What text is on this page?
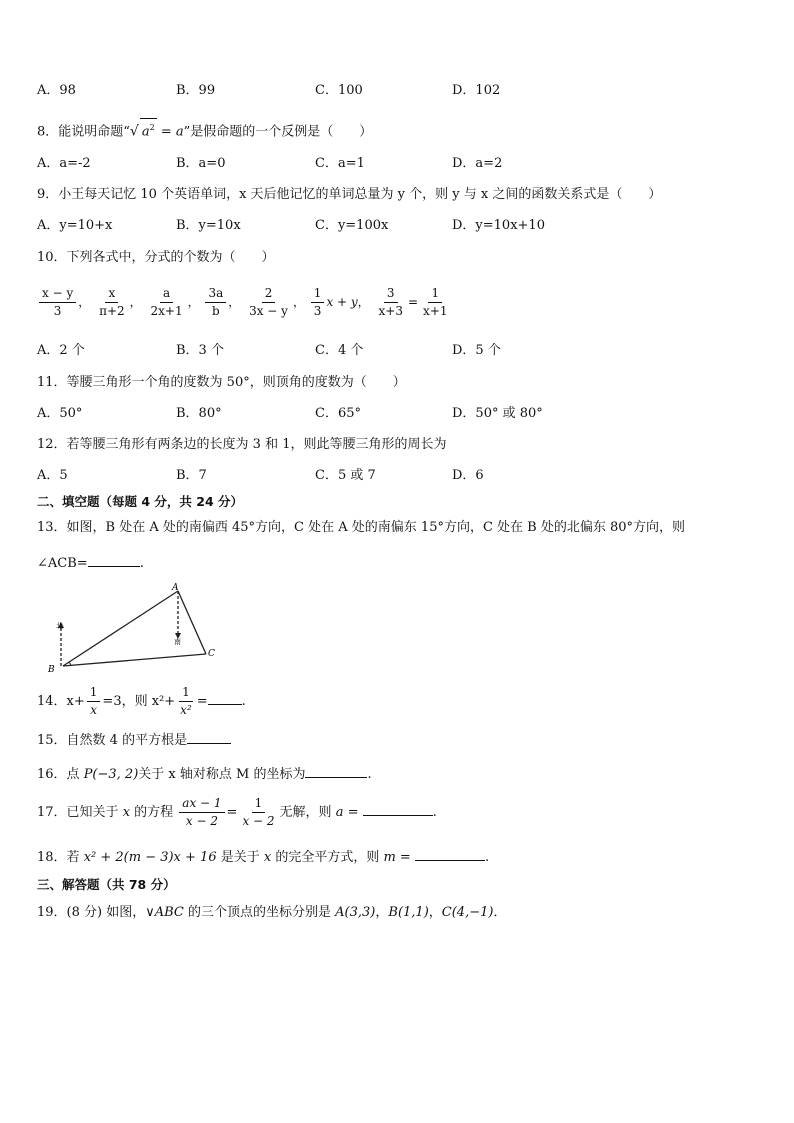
A．98	B．99	C．100	D．102
8．能说明命题“√ $a^2 = a$”是假命题的一个反例是（　　）
A．a=-2	B．a=0	C．a=1	D．a=2
9．小王每天记忆 10 个英语单词，x 天后他记忆的单词总量为 y 个，则 y 与 x 之间的函数关系式是（　　）
A．y=10+x	B．y=10x	C．y=100x	D．y=10x+10
10．下列各式中，分式的个数为（　　）
$\frac{x - y}{3}$ ， $\frac{x}{\pi+2}$ ， $\frac{a}{2x+1}$ ， $\frac{3a}{b}$ ， $\frac{2}{3x - y}$ ， $\frac{1}{3}$ x + y， $\frac{3}{x+3} = \frac{1}{x+1}$
A．2 个	B．3 个	C．4 个	D．5 个
11．等腰三角形一个角的度数为 50°，则顶角的度数为（　　）
A．50°	B．80°	C．65°	D．50° 或 80°
12．若等腰三角形有两条边的长度为 3 和 1，则此等腰三角形的周长为
A．5	B．7	C．5 或 7	D．6
二、填空题（每题 4 分，共 24 分）
13．如图，B 处在 A 处的南偏西 45°方向，C 处在 A 处的南偏东 15°方向，C 处在 B 处的北偏东 80°方向，则
∠ACB=	.
A
B
C
北
南
14．$x+ \frac{1}{x} =3$，则 $x^2+ \frac{1}{\text{x²}}$ =	.
15．自然数 4 的平方根是
16．点 P(−3, 2)关于 x 轴对称点 M 的坐标为	.
17．已知关于 x 的方程 $\frac{ax - 1}{x - 2} = \frac{1}{x - 2}$ 无解，则 a =	.
18．若 x² + 2(m − 3)x + 16 是关于 x 的完全平方式，则 m =	.
三、解答题（共 78 分）
19．(8 分) 如图，∨ABC 的三个顶点的坐标分别是 A(3,3)，B(1,1)，C(4,−1)．
